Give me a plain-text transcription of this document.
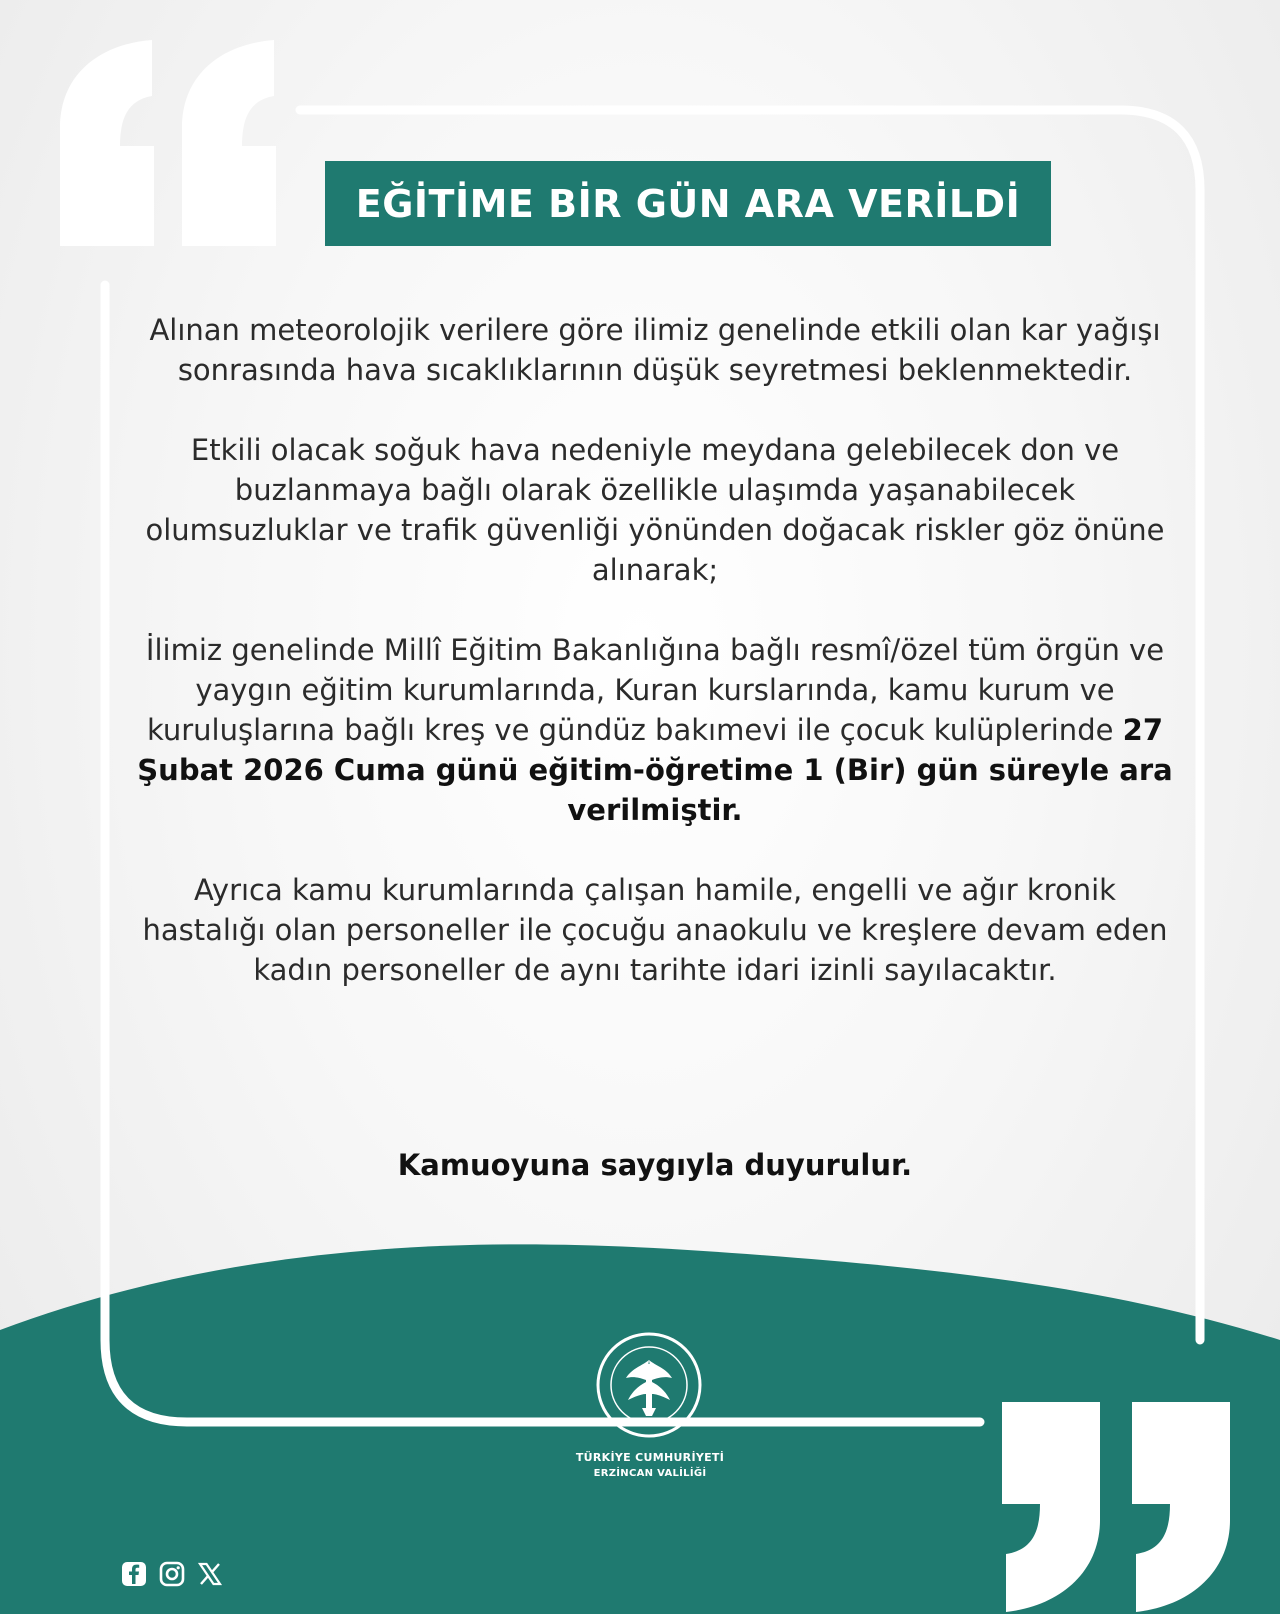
EĞİTİME BİR GÜN ARA VERİLDİ

Alınan meteorolojik verilere göre ilimiz genelinde etkili olan kar yağışı sonrasında hava sıcaklıklarının düşük seyretmesi beklenmektedir.

Etkili olacak soğuk hava nedeniyle meydana gelebilecek don ve buzlanmaya bağlı olarak özellikle ulaşımda yaşanabilecek olumsuzluklar ve trafik güvenliği yönünden doğacak riskler göz önüne alınarak;

İlimiz genelinde Millî Eğitim Bakanlığına bağlı resmî/özel tüm örgün ve yaygın eğitim kurumlarında, Kuran kurslarında, kamu kurum ve kuruluşlarına bağlı kreş ve gündüz bakımevi ile çocuk kulüplerinde 27 Şubat 2026 Cuma günü eğitim-öğretime 1 (Bir) gün süreyle ara verilmiştir.

Ayrıca kamu kurumlarında çalışan hamile, engelli ve ağır kronik hastalığı olan personeller ile çocuğu anaokulu ve kreşlere devam eden kadın personeller de aynı tarihte idari izinli sayılacaktır.

Kamuoyuna saygıyla duyurulur.
TÜRKİYE CUMHURİYETİ
ERZİNCAN VALİLİĞİ
